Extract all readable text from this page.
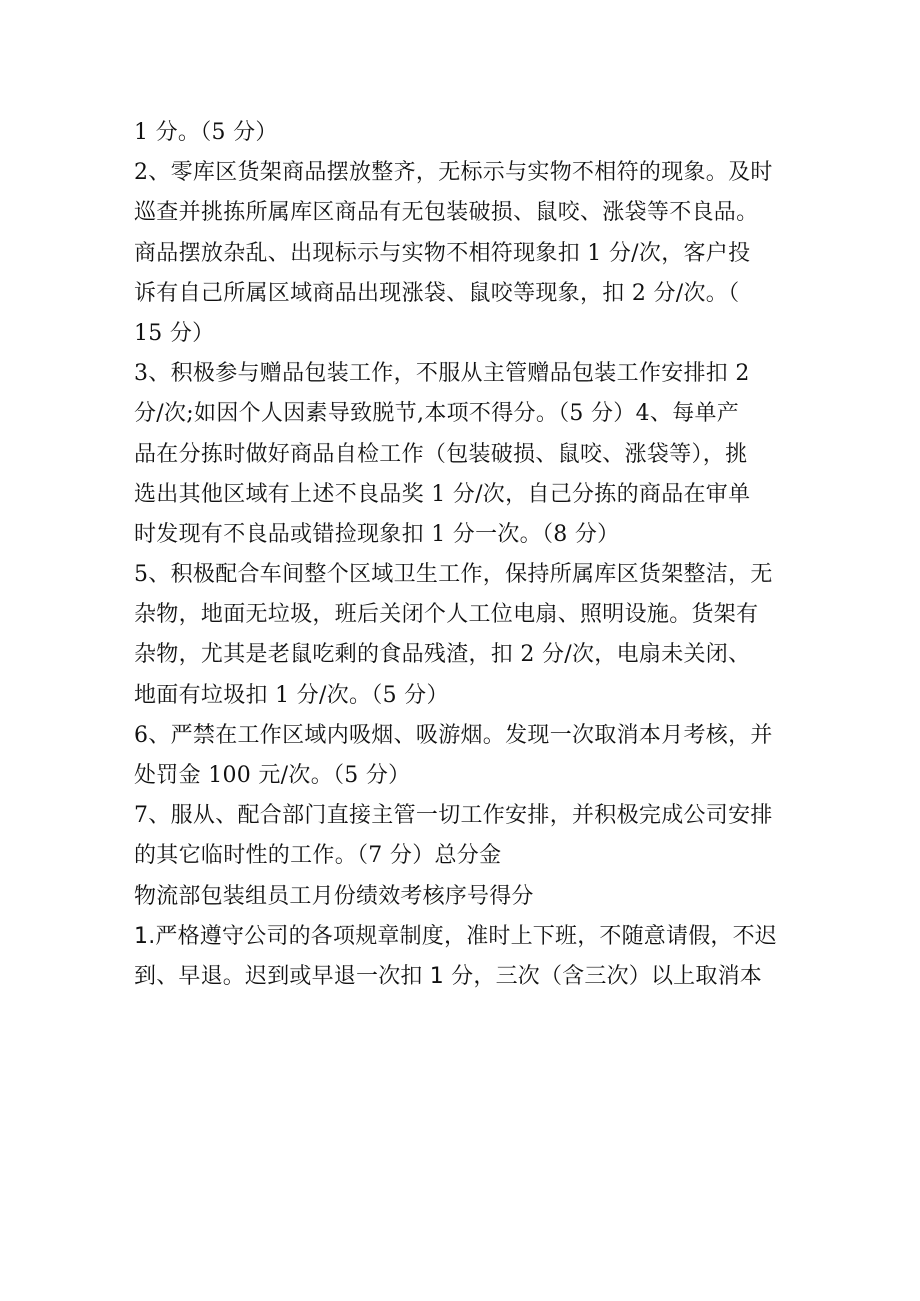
1 分。（5 分）
2、零库区货架商品摆放整齐，无标示与实物不相符的现象。及时
巡查并挑拣所属库区商品有无包装破损、鼠咬、涨袋等不良品。
商品摆放杂乱、出现标示与实物不相符现象扣 1 分/次，客户投
诉有自己所属区域商品出现涨袋、鼠咬等现象，扣 2 分/次。（
15 分）
3、积极参与赠品包装工作，不服从主管赠品包装工作安排扣 2
分/次;如因个人因素导致脱节,本项不得分。（5 分）4、每单产
品在分拣时做好商品自检工作（包装破损、鼠咬、涨袋等），挑
选出其他区域有上述不良品奖 1 分/次，自己分拣的商品在审单
时发现有不良品或错捡现象扣 1 分一次。（8 分）
5、积极配合车间整个区域卫生工作，保持所属库区货架整洁，无
杂物，地面无垃圾，班后关闭个人工位电扇、照明设施。货架有
杂物，尤其是老鼠吃剩的食品残渣，扣 2 分/次，电扇未关闭、
地面有垃圾扣 1 分/次。（5 分）
6、严禁在工作区域内吸烟、吸游烟。发现一次取消本月考核，并
处罚金 100 元/次。（5 分）
7、服从、配合部门直接主管一切工作安排，并积极完成公司安排
的其它临时性的工作。（7 分）总分金
物流部包装组员工月份绩效考核序号得分
1.严格遵守公司的各项规章制度，准时上下班，不随意请假，不迟
到、早退。迟到或早退一次扣 1 分，三次（含三次）以上取消本
